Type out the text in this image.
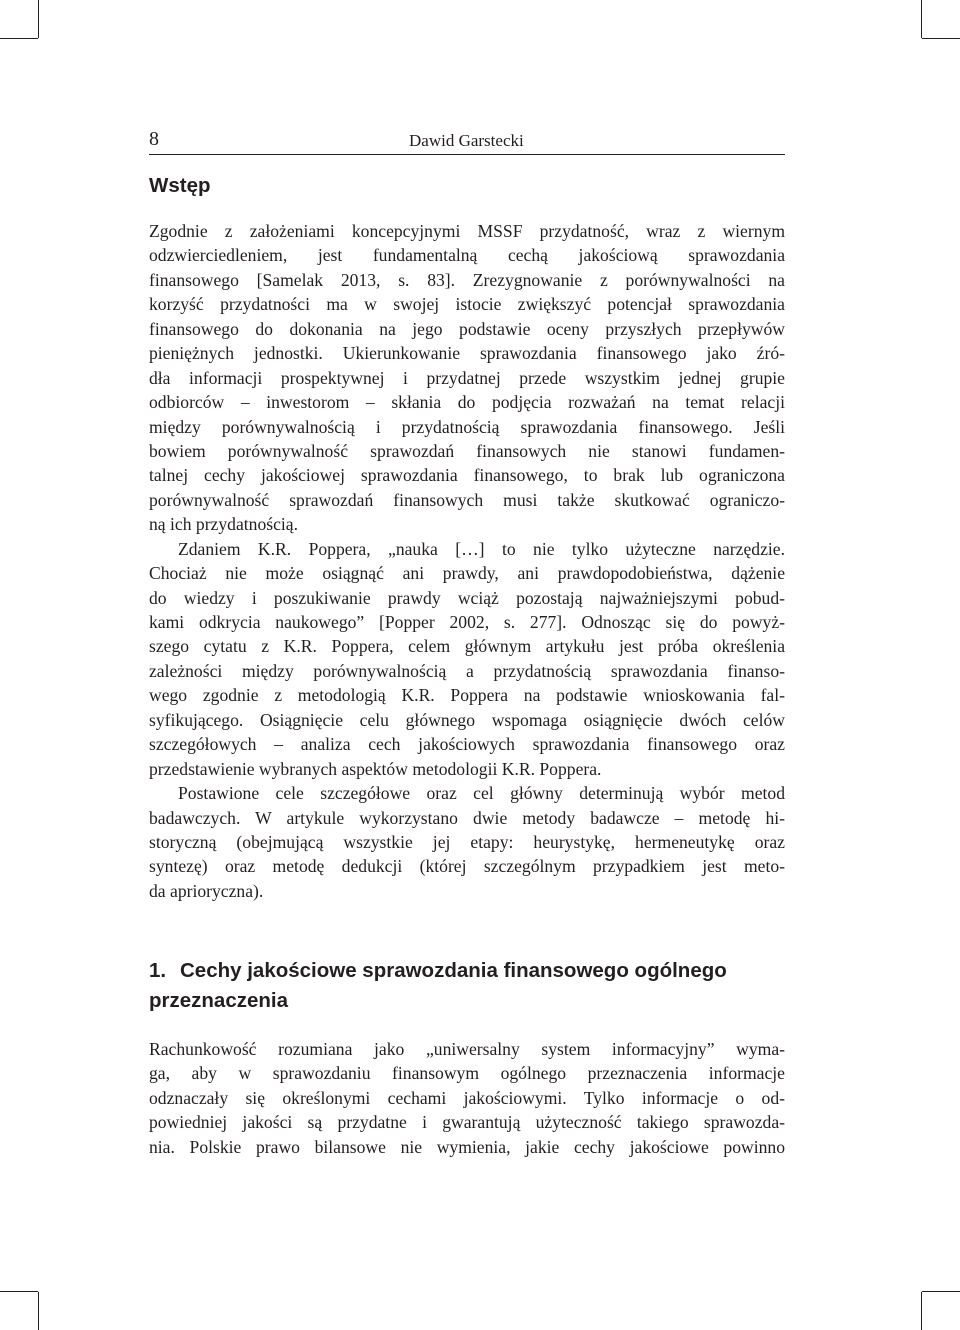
8	Dawid Garstecki
Wstęp
Zgodnie z założeniami koncepcyjnymi MSSF przydatność, wraz z wiernym
odzwierciedleniem, jest fundamentalną cechą jakościową sprawozdania
finansowego [Samelak 2013, s. 83]. Zrezygnowanie z porównywalności na
korzyść przydatności ma w swojej istocie zwiększyć potencjał sprawozdania
finansowego do dokonania na jego podstawie oceny przyszłych przepływów
pieniężnych jednostki. Ukierunkowanie sprawozdania finansowego jako źró-
dła informacji prospektywnej i przydatnej przede wszystkim jednej grupie
odbiorców – inwestorom – skłania do podjęcia rozważań na temat relacji
między porównywalnością i przydatnością sprawozdania finansowego. Jeśli
bowiem porównywalność sprawozdań finansowych nie stanowi fundamen-
talnej cechy jakościowej sprawozdania finansowego, to brak lub ograniczona
porównywalność sprawozdań finansowych musi także skutkować ograniczo-
ną ich przydatnością.
Zdaniem K.R. Poppera, „nauka […] to nie tylko użyteczne narzędzie.
Chociaż nie może osiągnąć ani prawdy, ani prawdopodobieństwa, dążenie
do wiedzy i poszukiwanie prawdy wciąż pozostają najważniejszymi pobud-
kami odkrycia naukowego” [Popper 2002, s. 277]. Odnosząc się do powyż-
szego cytatu z K.R. Poppera, celem głównym artykułu jest próba określenia
zależności między porównywalnością a przydatnością sprawozdania finanso-
wego zgodnie z metodologią K.R. Poppera na podstawie wnioskowania fal-
syfikującego. Osiągnięcie celu głównego wspomaga osiągnięcie dwóch celów
szczegółowych – analiza cech jakościowych sprawozdania finansowego oraz
przedstawienie wybranych aspektów metodologii K.R. Poppera.
Postawione cele szczegółowe oraz cel główny determinują wybór metod
badawczych. W artykule wykorzystano dwie metody badawcze – metodę hi-
storyczną (obejmującą wszystkie jej etapy: heurystykę, hermeneutykę oraz
syntezę) oraz metodę dedukcji (której szczególnym przypadkiem jest meto-
da aprioryczna).
1. Cechy jakościowe sprawozdania finansowego ogólnego
przeznaczenia
Rachunkowość rozumiana jako „uniwersalny system informacyjny” wyma-
ga, aby w sprawozdaniu finansowym ogólnego przeznaczenia informacje
odznaczały się określonymi cechami jakościowymi. Tylko informacje o od-
powiedniej jakości są przydatne i gwarantują użyteczność takiego sprawozda-
nia. Polskie prawo bilansowe nie wymienia, jakie cechy jakościowe powinno
